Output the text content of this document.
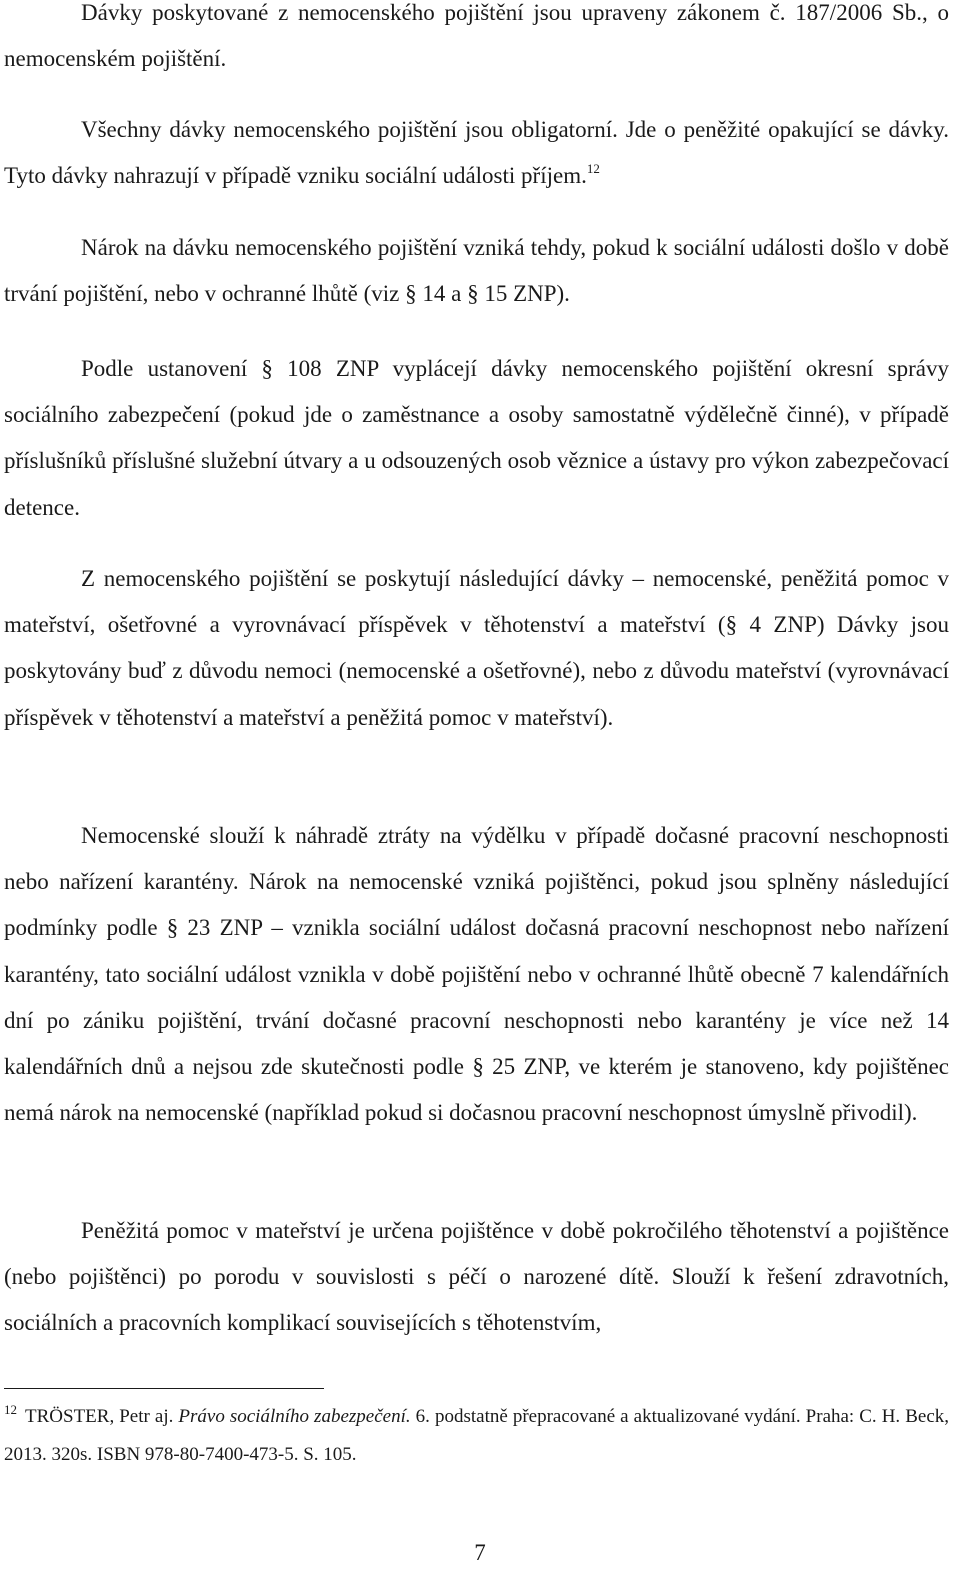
Dávky poskytované z nemocenského pojištění jsou upraveny zákonem č. 187/2006 Sb., o nemocenském pojištění.

Všechny dávky nemocenského pojištění jsou obligatorní. Jde o peněžité opakující se dávky. Tyto dávky nahrazují v případě vzniku sociální události příjem.$^{12}$

Nárok na dávku nemocenského pojištění vzniká tehdy, pokud k sociální události došlo v době trvání pojištění, nebo v ochranné lhůtě (viz § 14 a § 15 ZNP).

Podle ustanovení § 108 ZNP vyplácejí dávky nemocenského pojištění okresní správy sociálního zabezpečení (pokud jde o zaměstnance a osoby samostatně výdělečně činné), v případě příslušníků příslušné služební útvary a u odsouzených osob věznice a ústavy pro výkon zabezpečovací detence.

Z nemocenského pojištění se poskytují následující dávky – nemocenské, peněžitá pomoc v mateřství, ošetřovné a vyrovnávací příspěvek v těhotenství a mateřství (§ 4 ZNP) Dávky jsou poskytovány buď z důvodu nemoci (nemocenské a ošetřovné), nebo z důvodu mateřství (vyrovnávací příspěvek v těhotenství a mateřství a peněžitá pomoc v mateřství).

Nemocenské slouží k náhradě ztráty na výdělku v případě dočasné pracovní neschopnosti nebo nařízení karantény. Nárok na nemocenské vzniká pojištěnci, pokud jsou splněny následující podmínky podle § 23 ZNP – vznikla sociální událost dočasná pracovní neschopnost nebo nařízení karantény, tato sociální událost vznikla v době pojištění nebo v ochranné lhůtě obecně 7 kalendářních dní po zániku pojištění, trvání dočasné pracovní neschopnosti nebo karantény je více než 14 kalendářních dnů a nejsou zde skutečnosti podle § 25 ZNP, ve kterém je stanoveno, kdy pojištěnec nemá nárok na nemocenské (například pokud si dočasnou pracovní neschopnost úmyslně přivodil).

Peněžitá pomoc v mateřství je určena pojištěnce v době pokročilého těhotenství a pojištěnce (nebo pojištěnci) po porodu v souvislosti s péčí o narozené dítě. Slouží k řešení zdravotních, sociálních a pracovních komplikací souvisejících s těhotenstvím,

$^{12}$ TRÖSTER, Petr aj. Právo sociálního zabezpečení. 6. podstatně přepracované a aktualizované vydání. Praha: C. H. Beck, 2013. 320s. ISBN 978-80-7400-473-5. S. 105.

7
